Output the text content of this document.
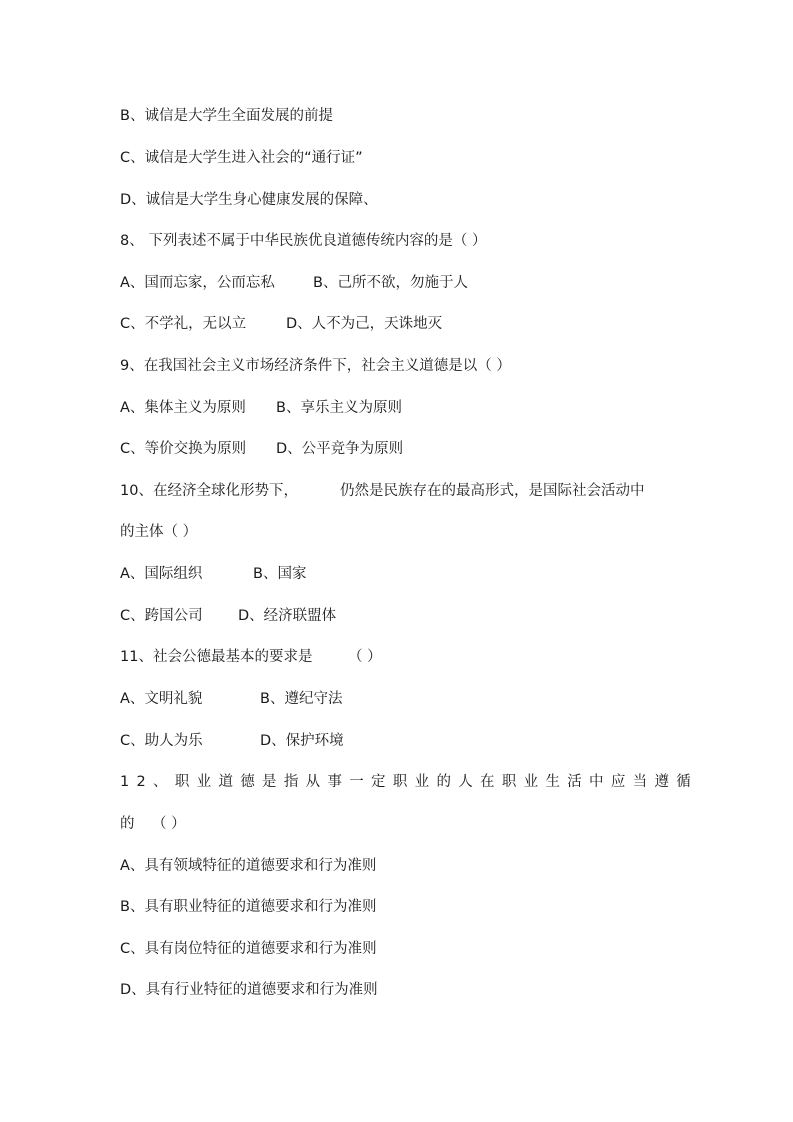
B、诚信是大学生全面发展的前提
C、诚信是大学生进入社会的“通行证”
D、诚信是大学生身心健康发展的保障、
8、 下列表述不属于中华民族优良道德传统内容的是（ ）
A、国而忘家，公而忘私	B、己所不欲，勿施于人
C、不学礼，无以立	D、人不为己，天诛地灭
9、在我国社会主义市场经济条件下，社会主义道德是以（ ）
A、集体主义为原则 B、享乐主义为原则
C、等价交换为原则 D、公平竞争为原则
10、在经济全球化形势下，	仍然是民族存在的最高形式，是国际社会活动中
的主体（ ）
A、国际组织	B、国家
C、跨国公司 D、经济联盟体
11、社会公德最基本的要求是 （ ）
A、文明礼貌	B、遵纪守法
C、助人为乐	D、保护环境
12、职业道德是指从事一定职业的人在职业生活中应当遵循
的 （ ）
A、具有领域特征的道德要求和行为准则
B、具有职业特征的道德要求和行为准则
C、具有岗位特征的道德要求和行为准则
D、具有行业特征的道德要求和行为准则
